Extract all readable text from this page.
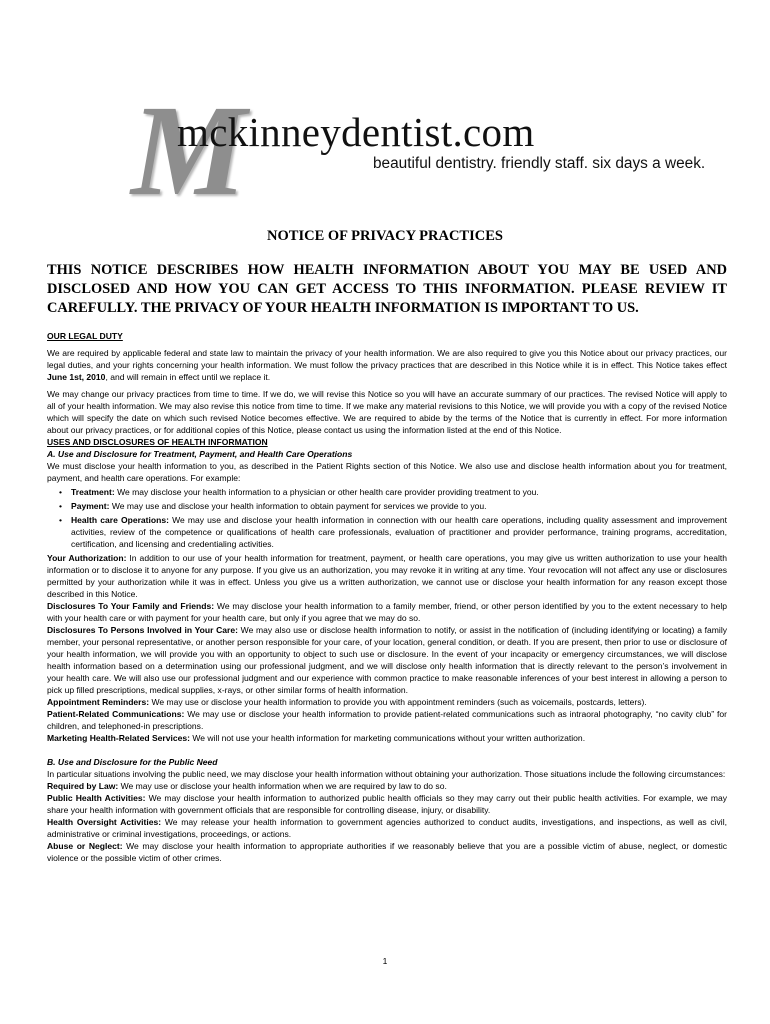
M
mckinneydentist.com
beautiful dentistry. friendly staff. six days a week.
NOTICE OF PRIVACY PRACTICES
THIS NOTICE DESCRIBES HOW HEALTH INFORMATION ABOUT YOU MAY BE USED AND DISCLOSED AND HOW YOU CAN GET ACCESS TO THIS INFORMATION. PLEASE REVIEW IT CAREFULLY. THE PRIVACY OF YOUR HEALTH INFORMATION IS IMPORTANT TO US.

OUR LEGAL DUTY

We are required by applicable federal and state law to maintain the privacy of your health information. We are also required to give you this Notice about our privacy practices, our legal duties, and your rights concerning your health information. We must follow the privacy practices that are described in this Notice while it is in effect. This Notice takes effect June 1st, 2010, and will remain in effect until we replace it.

We may change our privacy practices from time to time. If we do, we will revise this Notice so you will have an accurate summary of our practices. The revised Notice will apply to all of your health information. We may also revise this notice from time to time. If we make any material revisions to this Notice, we will provide you with a copy of the revised Notice which will specify the date on which such revised Notice becomes effective. We are required to abide by the terms of the Notice that is currently in effect. For more information about our privacy practices, or for additional copies of this Notice, please contact us using the information listed at the end of this Notice.

USES AND DISCLOSURES OF HEALTH INFORMATION

A. Use and Disclosure for Treatment, Payment, and Health Care Operations

We must disclose your health information to you, as described in the Patient Rights section of this Notice. We also use and disclose health information about you for treatment, payment, and health care operations. For example:

• Treatment: We may disclose your health information to a physician or other health care provider providing treatment to you.
• Payment: We may use and disclose your health information to obtain payment for services we provide to you.
• Health care Operations: We may use and disclose your health information in connection with our health care operations, including quality assessment and improvement activities, review of the competence or qualifications of health care professionals, evaluation of practitioner and provider performance, training programs, accreditation, certification, and licensing and credentialing activities.

Your Authorization: In addition to our use of your health information for treatment, payment, or health care operations, you may give us written authorization to use your health information or to disclose it to anyone for any purpose. If you give us an authorization, you may revoke it in writing at any time. Your revocation will not affect any use or disclosures permitted by your authorization while it was in effect. Unless you give us a written authorization, we cannot use or disclose your health information for any reason except those described in this Notice.

Disclosures To Your Family and Friends: We may disclose your health information to a family member, friend, or other person identified by you to the extent necessary to help with your health care or with payment for your health care, but only if you agree that we may do so.

Disclosures To Persons Involved in Your Care: We may also use or disclose health information to notify, or assist in the notification of (including identifying or locating) a family member, your personal representative, or another person responsible for your care, of your location, general condition, or death. If you are present, then prior to use or disclosure of your health information, we will provide you with an opportunity to object to such use or disclosure. In the event of your incapacity or emergency circumstances, we will disclose health information based on a determination using our professional judgment, and we will disclose only health information that is directly relevant to the person’s involvement in your health care. We will also use our professional judgment and our experience with common practice to make reasonable inferences of your best interest in allowing a person to pick up filled prescriptions, medical supplies, x-rays, or other similar forms of health information.

Appointment Reminders: We may use or disclose your health information to provide you with appointment reminders (such as voicemails, postcards, letters).

Patient-Related Communications: We may use or disclose your health information to provide patient-related communications such as intraoral photography, “no cavity club” for children, and telephoned-in prescriptions.

Marketing Health-Related Services: We will not use your health information for marketing communications without your written authorization.

B. Use and Disclosure for the Public Need

In particular situations involving the public need, we may disclose your health information without obtaining your authorization. Those situations include the following circumstances:

Required by Law: We may use or disclose your health information when we are required by law to do so.

Public Health Activities: We may disclose your health information to authorized public health officials so they may carry out their public health activities. For example, we may share your health information with government officials that are responsible for controlling disease, injury, or disability.

Health Oversight Activities: We may release your health information to government agencies authorized to conduct audits, investigations, and inspections, as well as civil, administrative or criminal investigations, proceedings, or actions.

Abuse or Neglect: We may disclose your health information to appropriate authorities if we reasonably believe that you are a possible victim of abuse, neglect, or domestic violence or the possible victim of other crimes.

1
